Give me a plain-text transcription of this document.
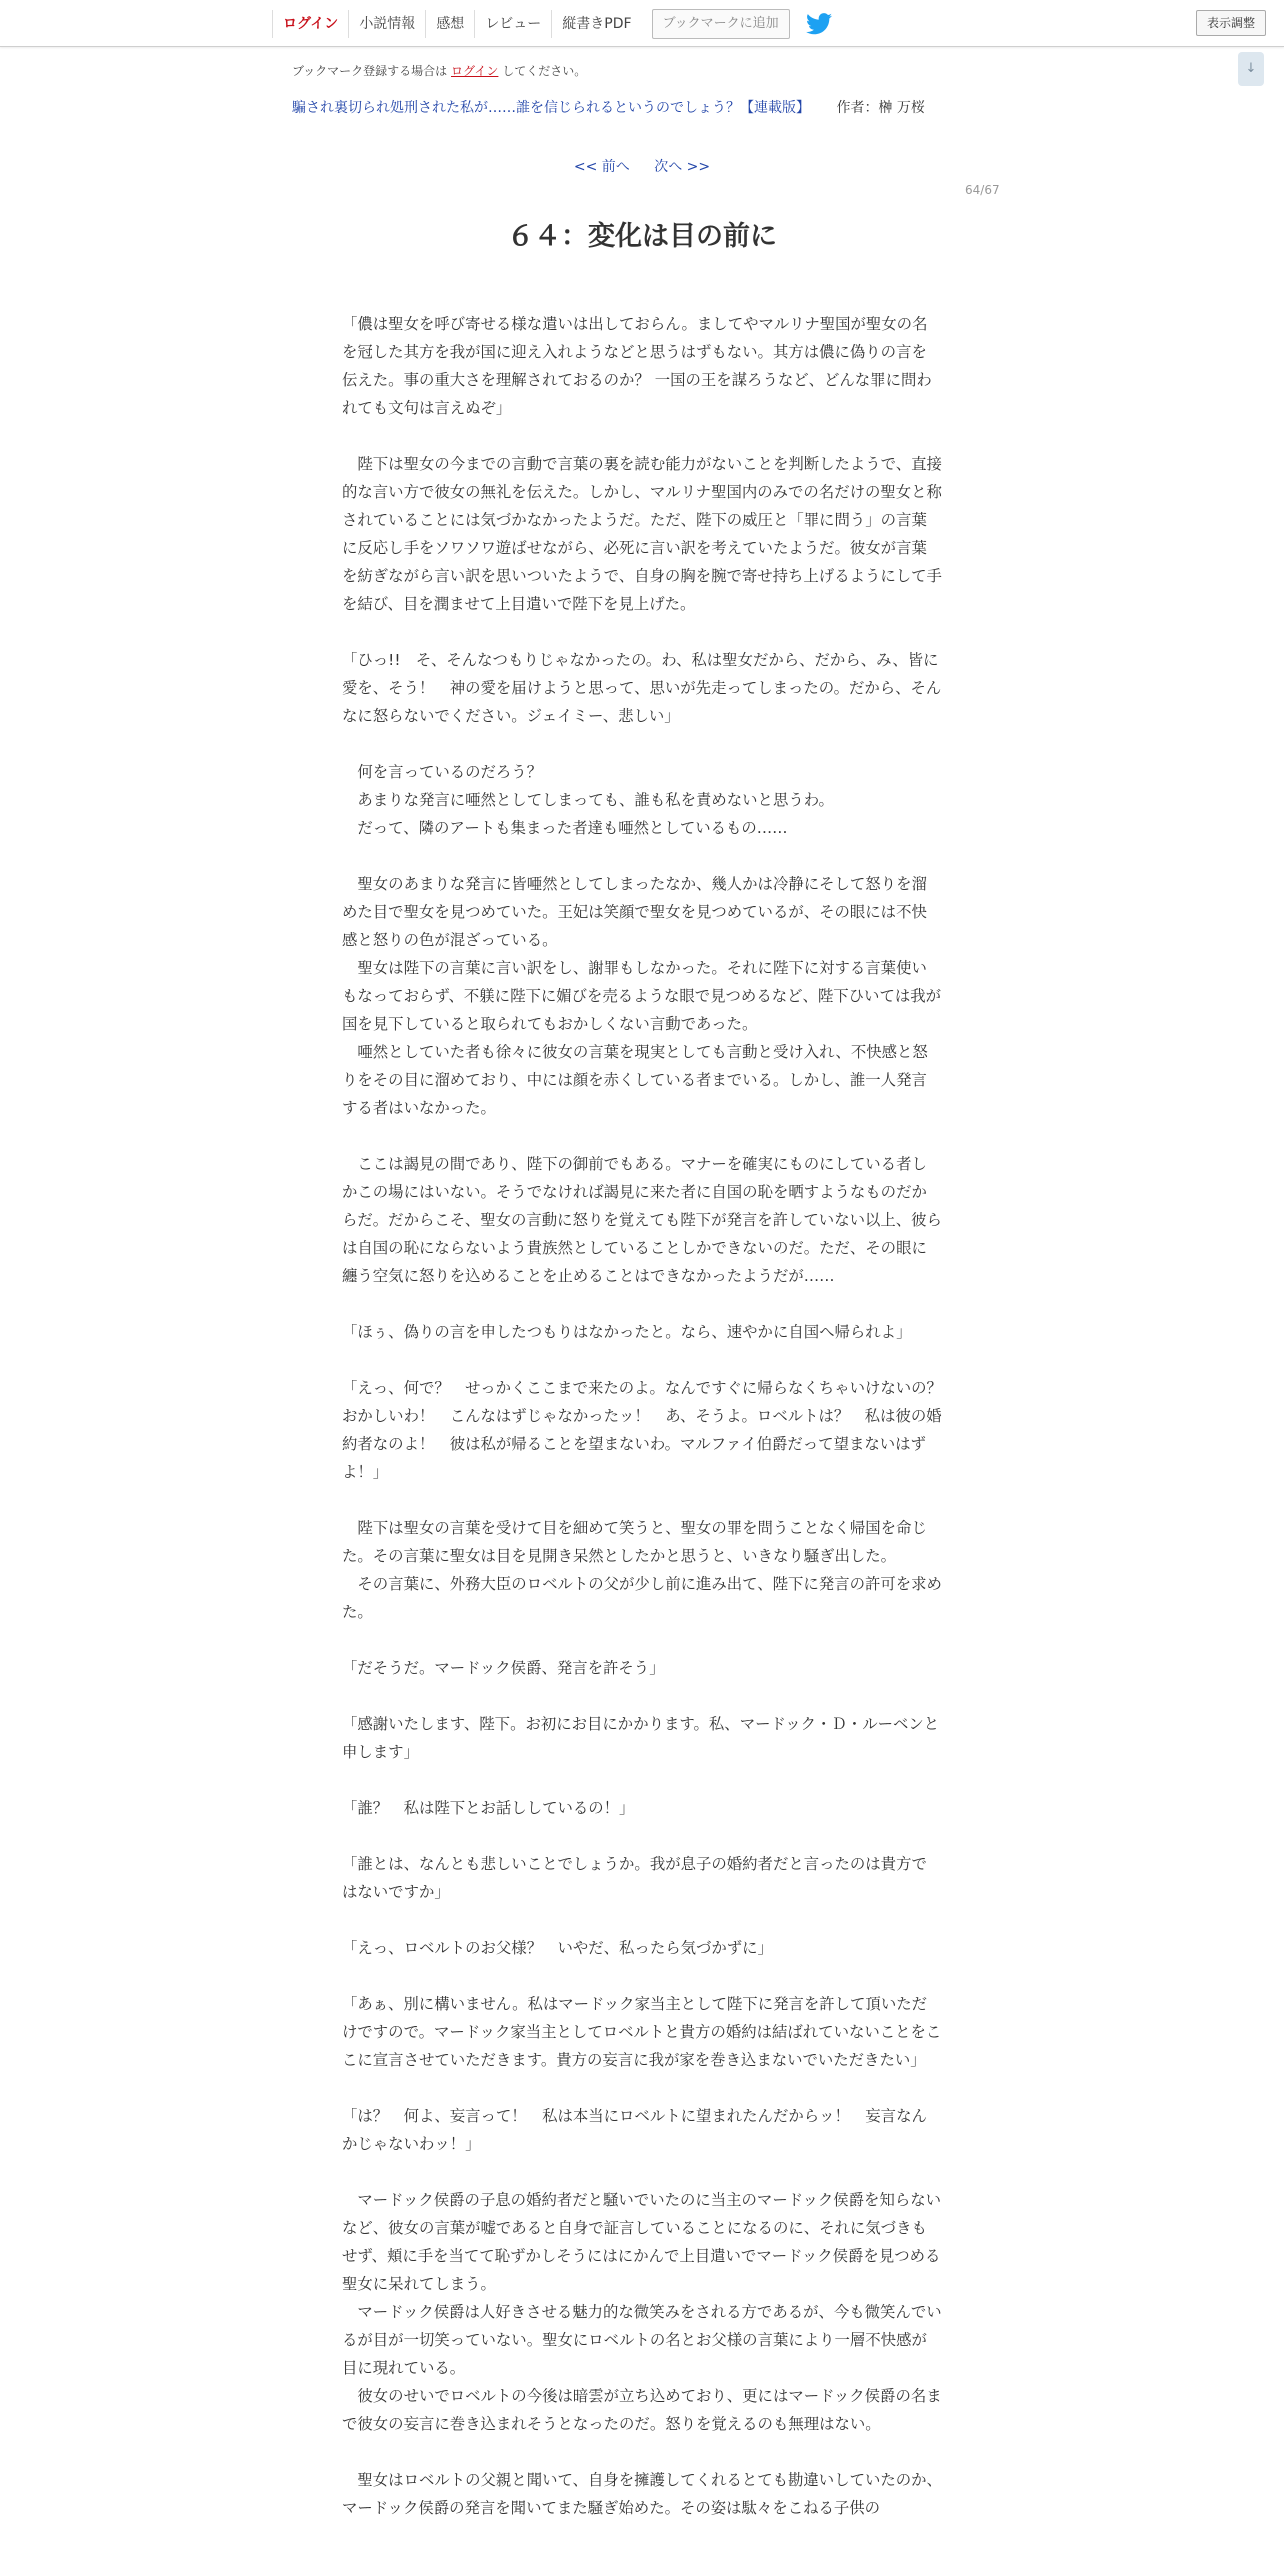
ログイン	小説情報	感想	レビュー	縦書きPDF	ブックマークに追加	表示調整
↓
ブックマーク登録する場合は ログイン してください。
騙され裏切られ処刑された私が……誰を信じられるというのでしょう？【連載版】 作者：榊 万桜
<< 前へ 次へ >>
64/67
６４：変化は目の前に

「儂は聖女を呼び寄せる様な遣いは出しておらん。ましてやマルリナ聖国が聖女の名を冠した其方を我が国に迎え入れようなどと思うはずもない。其方は儂に偽りの言を伝えた。事の重大さを理解されておるのか？ 一国の王を謀ろうなど、どんな罪に問われても文句は言えぬぞ」

　陛下は聖女の今までの言動で言葉の裏を読む能力がないことを判断したようで、直接的な言い方で彼女の無礼を伝えた。しかし、マルリナ聖国内のみでの名だけの聖女と称されていることには気づかなかったようだ。ただ、陛下の威圧と「罪に問う」の言葉に反応し手をソワソワ遊ばせながら、必死に言い訳を考えていたようだ。彼女が言葉を紡ぎながら言い訳を思いついたようで、自身の胸を腕で寄せ持ち上げるようにして手を結び、目を潤ませて上目遣いで陛下を見上げた。

「ひっ!!　そ、そんなつもりじゃなかったの。わ、私は聖女だから、だから、み、皆に愛を、そう！　神の愛を届けようと思って、思いが先走ってしまったの。だから、そんなに怒らないでください。ジェイミー、悲しい」

　何を言っているのだろう？

　あまりな発言に唖然としてしまっても、誰も私を責めないと思うわ。

　だって、隣のアートも集まった者達も唖然としているもの……

　聖女のあまりな発言に皆唖然としてしまったなか、幾人かは冷静にそして怒りを溜めた目で聖女を見つめていた。王妃は笑顔で聖女を見つめているが、その眼には不快感と怒りの色が混ざっている。

　聖女は陛下の言葉に言い訳をし、謝罪もしなかった。それに陛下に対する言葉使いもなっておらず、不躾に陛下に媚びを売るような眼で見つめるなど、陛下ひいては我が国を見下していると取られてもおかしくない言動であった。

　唖然としていた者も徐々に彼女の言葉を現実としても言動と受け入れ、不快感と怒りをその目に溜めており、中には顔を赤くしている者までいる。しかし、誰一人発言する者はいなかった。

　ここは謁見の間であり、陛下の御前でもある。マナーを確実にものにしている者しかこの場にはいない。そうでなければ謁見に来た者に自国の恥を晒すようなものだからだ。だからこそ、聖女の言動に怒りを覚えても陛下が発言を許していない以上、彼らは自国の恥にならないよう貴族然としていることしかできないのだ。ただ、その眼に纏う空気に怒りを込めることを止めることはできなかったようだが……

「ほぅ、偽りの言を申したつもりはなかったと。なら、速やかに自国へ帰られよ」

「えっ、何で？　せっかくここまで来たのよ。なんですぐに帰らなくちゃいけないの？　おかしいわ！　こんなはずじゃなかったッ！　あ、そうよ。ロベルトは？　私は彼の婚約者なのよ！　彼は私が帰ることを望まないわ。マルファイ伯爵だって望まないはずよ！」

　陛下は聖女の言葉を受けて目を細めて笑うと、聖女の罪を問うことなく帰国を命じた。その言葉に聖女は目を見開き呆然としたかと思うと、いきなり騒ぎ出した。

　その言葉に、外務大臣のロベルトの父が少し前に進み出て、陛下に発言の許可を求めた。

「だそうだ。マードック侯爵、発言を許そう」

「感謝いたします、陛下。お初にお目にかかります。私、マードック・Ｄ・ルーベンと申します」

「誰？　私は陛下とお話ししているの！」

「誰とは、なんとも悲しいことでしょうか。我が息子の婚約者だと言ったのは貴方ではないですか」

「えっ、ロベルトのお父様？　いやだ、私ったら気づかずに」

「あぁ、別に構いません。私はマードック家当主として陛下に発言を許して頂いただけですので。マードック家当主としてロベルトと貴方の婚約は結ばれていないことをここに宣言させていただきます。貴方の妄言に我が家を巻き込まないでいただきたい」

「は？　何よ、妄言って！　私は本当にロベルトに望まれたんだからッ！　妄言なんかじゃないわッ！」

　マードック侯爵の子息の婚約者だと騒いでいたのに当主のマードック侯爵を知らないなど、彼女の言葉が嘘であると自身で証言していることになるのに、それに気づきもせず、頬に手を当てて恥ずかしそうにはにかんで上目遣いでマードック侯爵を見つめる聖女に呆れてしまう。

　マードック侯爵は人好きさせる魅力的な微笑みをされる方であるが、今も微笑んでいるが目が一切笑っていない。聖女にロベルトの名とお父様の言葉により一層不快感が目に現れている。

　彼女のせいでロベルトの今後は暗雲が立ち込めており、更にはマードック侯爵の名まで彼女の妄言に巻き込まれそうとなったのだ。怒りを覚えるのも無理はない。

　聖女はロベルトの父親と聞いて、自身を擁護してくれるとても勘違いしていたのか、マードック侯爵の発言を聞いてまた騒ぎ始めた。その姿は駄々をこねる子供の
